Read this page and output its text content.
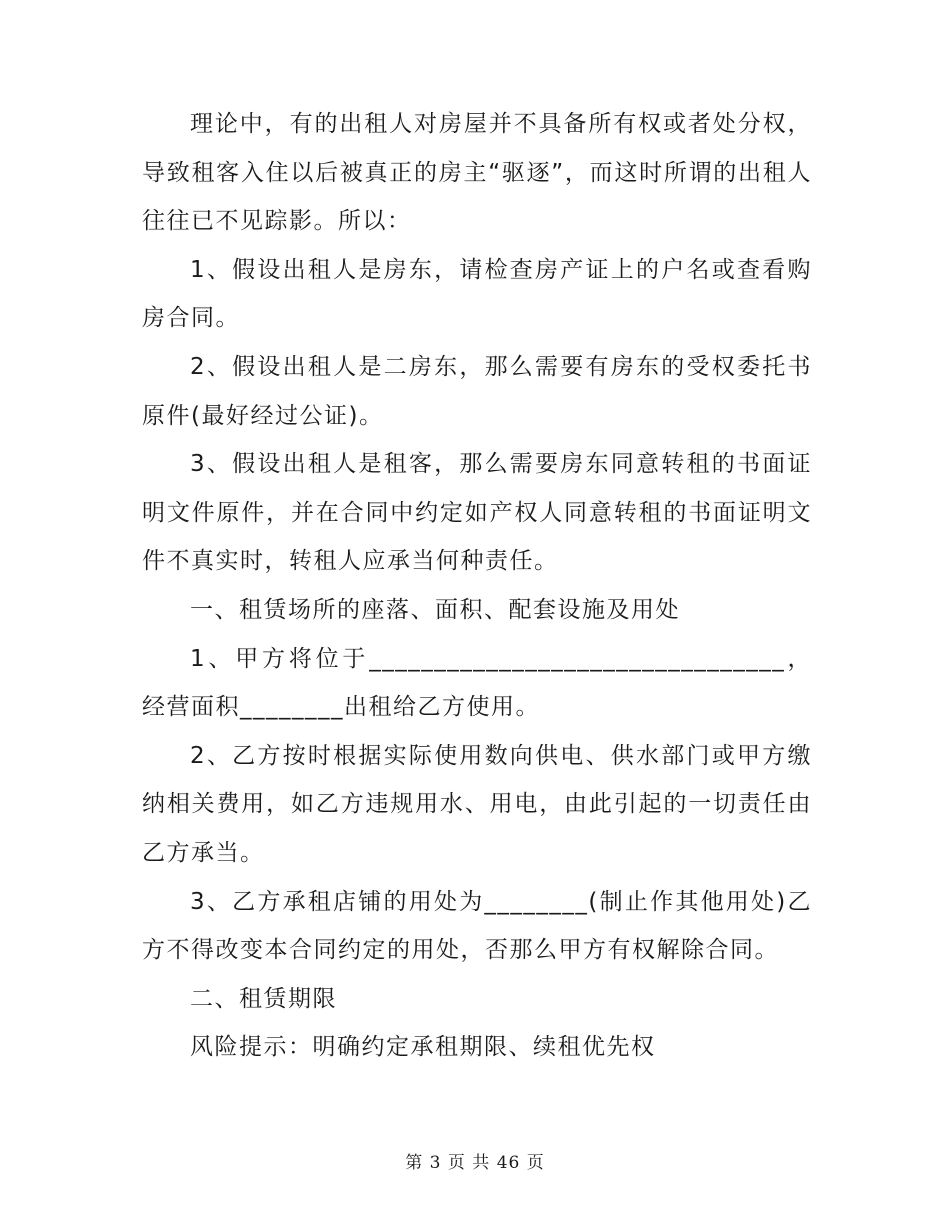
理论中，有的出租人对房屋并不具备所有权或者处分权，导致租客入住以后被真正的房主“驱逐”，而这时所谓的出租人往往已不见踪影。所以：

1、假设出租人是房东，请检查房产证上的户名或查看购房合同。

2、假设出租人是二房东，那么需要有房东的受权委托书原件(最好经过公证)。

3、假设出租人是租客，那么需要房东同意转租的书面证明文件原件，并在合同中约定如产权人同意转租的书面证明文件不真实时，转租人应承当何种责任。

一、租赁场所的座落、面积、配套设施及用处

1、甲方将位于________________________________，经营面积________出租给乙方使用。

2、乙方按时根据实际使用数向供电、供水部门或甲方缴纳相关费用，如乙方违规用水、用电，由此引起的一切责任由乙方承当。

3、乙方承租店铺的用处为________(制止作其他用处)乙方不得改变本合同约定的用处，否那么甲方有权解除合同。

二、租赁期限

风险提示：明确约定承租期限、续租优先权

第 3 页 共 46 页
